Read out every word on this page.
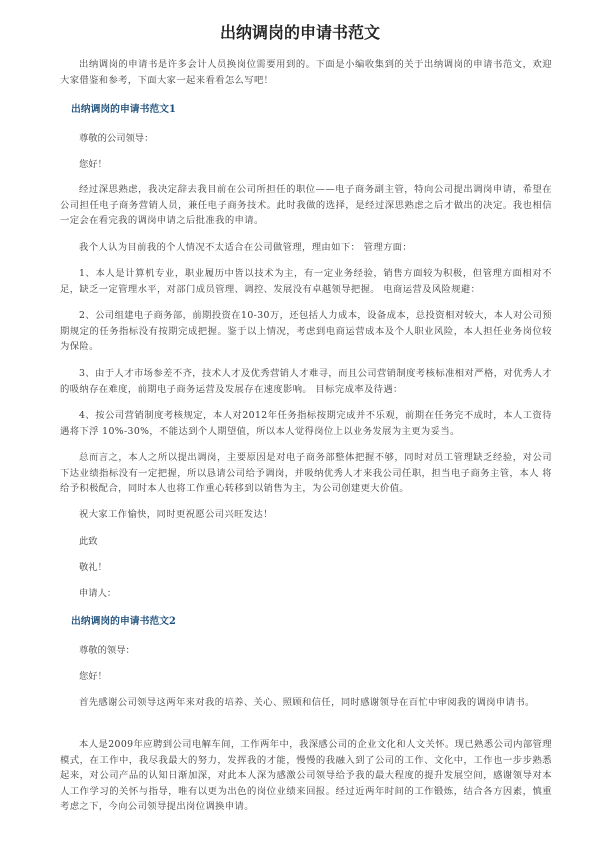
出纳调岗的申请书范文

出纳调岗的申请书是许多会计人员换岗位需要用到的。下面是小编收集到的关于出纳调岗的申请书范文，欢迎大家借鉴和参考，下面大家一起来看看怎么写吧！

出纳调岗的申请书范文1

尊敬的公司领导：

您好！

经过深思熟虑，我决定辞去我目前在公司所担任的职位——电子商务副主管，特向公司提出调岗申请，希望在公司担任电子商务营销人员，兼任电子商务技术。此时我做的选择，是经过深思熟虑之后才做出的决定。我也相信一定会在看完我的调岗申请之后批准我的申请。

我个人认为目前我的个人情况不太适合在公司做管理，理由如下： 管理方面：

1、本人是计算机专业，职业履历中皆以技术为主，有一定业务经验，销售方面较为积极，但管理方面相对不足，缺乏一定管理水平，对部门成员管理、调控、发展没有卓越领导把握。 电商运营及风险规避：

2、公司组建电子商务部，前期投资在10-30万，还包括人力成本，设备成本，总投资相对较大，本人对公司预期规定的任务指标没有按期完成把握。鉴于以上情况，考虑到电商运营成本及个人职业风险，本人担任业务岗位较为保险。

3、由于人才市场参差不齐，技术人才及优秀营销人才难寻，而且公司营销制度考核标准相对严格，对优秀人才的吸纳存在难度，前期电子商务运营及发展存在速度影响。 目标完成率及待遇：

4、按公司营销制度考核规定，本人对2012年任务指标按期完成并不乐观，前期在任务完不成时，本人工资待遇将下浮 10%-30%，不能达到个人期望值，所以本人觉得岗位上以业务发展为主更为妥当。

总而言之，本人之所以提出调岗，主要原因是对电子商务部整体把握不够，同时对员工管理缺乏经验，对公司下达业绩指标没有一定把握，所以恳请公司给予调岗，并吸纳优秀人才来我公司任职，担当电子商务主管，本人 将给予积极配合，同时本人也将工作重心转移到以销售为主，为公司创建更大价值。

祝大家工作愉快，同时更祝愿公司兴旺发达！

此致

敬礼！

申请人：

出纳调岗的申请书范文2

尊敬的领导：

您好！

首先感谢公司领导这两年来对我的培养、关心、照顾和信任，同时感谢领导在百忙中审阅我的调岗申请书。

本人是2009年应聘到公司电解车间，工作两年中，我深感公司的企业文化和人文关怀。现已熟悉公司内部管理模式，在工作中，我尽我最大的努力，发挥我的才能，慢慢的我融入到了公司的工作、文化中，工作也一步步熟悉起来，对公司产品的认知日渐加深，对此本人深为感激公司领导给予我的最大程度的提升发展空间，感谢领导对本人工作学习的关怀与指导，唯有以更为出色的岗位业绩来回报。经过近两年时间的工作锻炼，结合各方因素，慎重考虑之下，今向公司领导提出岗位调换申请。
